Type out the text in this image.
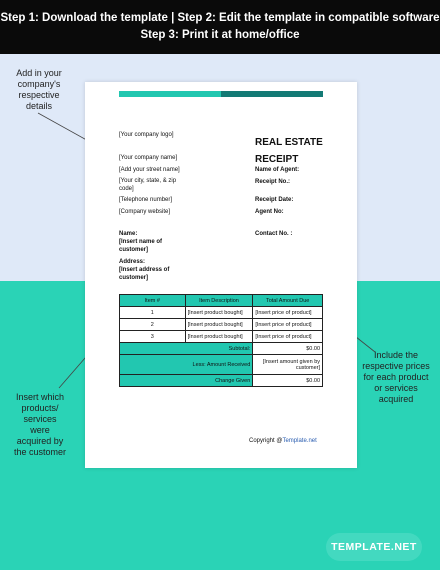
Step 1: Download the template | Step 2: Edit the template in compatible software
Step 3: Print it at home/office
Add in your
company's
respective
details
Insert which
products/
services
were
acquired by
the customer
Include the
respective prices
for each product
or services
acquired
[Your company logo]
[Your company name]
[Add your street name]
[Your city, state, & zip
code]
[Telephone number]
[Company website]
REAL ESTATE
RECEIPT
Name of Agent:
Receipt No.:
Receipt Date:
Agent No:
Contact No. :
Name:
[Insert name of
customer]
Address:
[Insert address of
customer]
Item #	Item Description	Total Amount Due
1	[Insert product bought]	[Insert price of product]
2	[Insert product bought]	[Insert price of product]
3	[Insert product bought]	[Insert price of product]
Subtotal:		$0.00
Less: Amount Received		[Insert amount given by
customer]

Change Given		$0.00
Copyright @Template.net
TEMPLATE.NET
